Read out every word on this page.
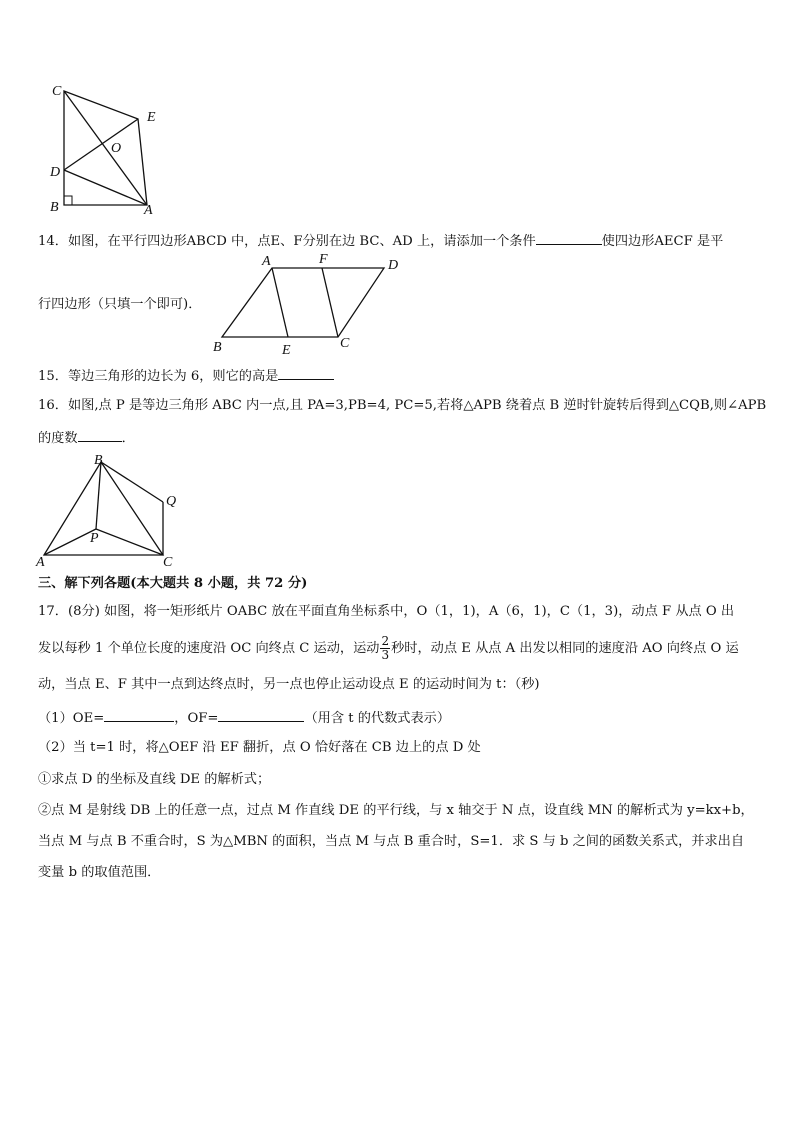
C
E
O
D
B	A
14．如图，在平行四边形ABCD 中，点E、F分别在边 BC、AD 上，请添加一个条件	使四边形AECF 是平
A	F	D
B	E	C
行四边形（只填一个即可)．
15．等边三角形的边长为 6，则它的高是
16．如图,点 P 是等边三角形 ABC 内一点,且 PA=3,PB=4, PC=5,若将△APB 绕着点 B 逆时针旋转后得到△CQB,则∠APB
的度数	．
B
Q
P
A	C
三、解下列各题(本大题共 8 小题，共 72 分)
17．(8分) 如图，将一矩形纸片 OABC 放在平面直角坐标系中，O（1，1)，A（6，1)，C（1，3)，动点 F 从点 O 出
发以每秒 1 个单位长度的速度沿 OC 向终点 C 运动，运动 $\frac{2}{3}$ 秒时，动点 E 从点 A 出发以相同的速度沿 AO 向终点 O 运
动，当点 E、F 其中一点到达终点时，另一点也停止运动设点 E 的运动时间为 t：（秒)
（1）OE=	，OF=	（用含 t 的代数式表示）
（2）当 t=1 时，将△OEF 沿 EF 翻折，点 O 恰好落在 CB 边上的点 D 处
①求点 D 的坐标及直线 DE 的解析式；
②点 M 是射线 DB 上的任意一点，过点 M 作直线 DE 的平行线，与 x 轴交于 N 点，设直线 MN 的解析式为 y=kx+b，
当点 M 与点 B 不重合时，S 为△MBN 的面积，当点 M 与点 B 重合时，S=1．求 S 与 b 之间的函数关系式，并求出自
变量 b 的取值范围．
